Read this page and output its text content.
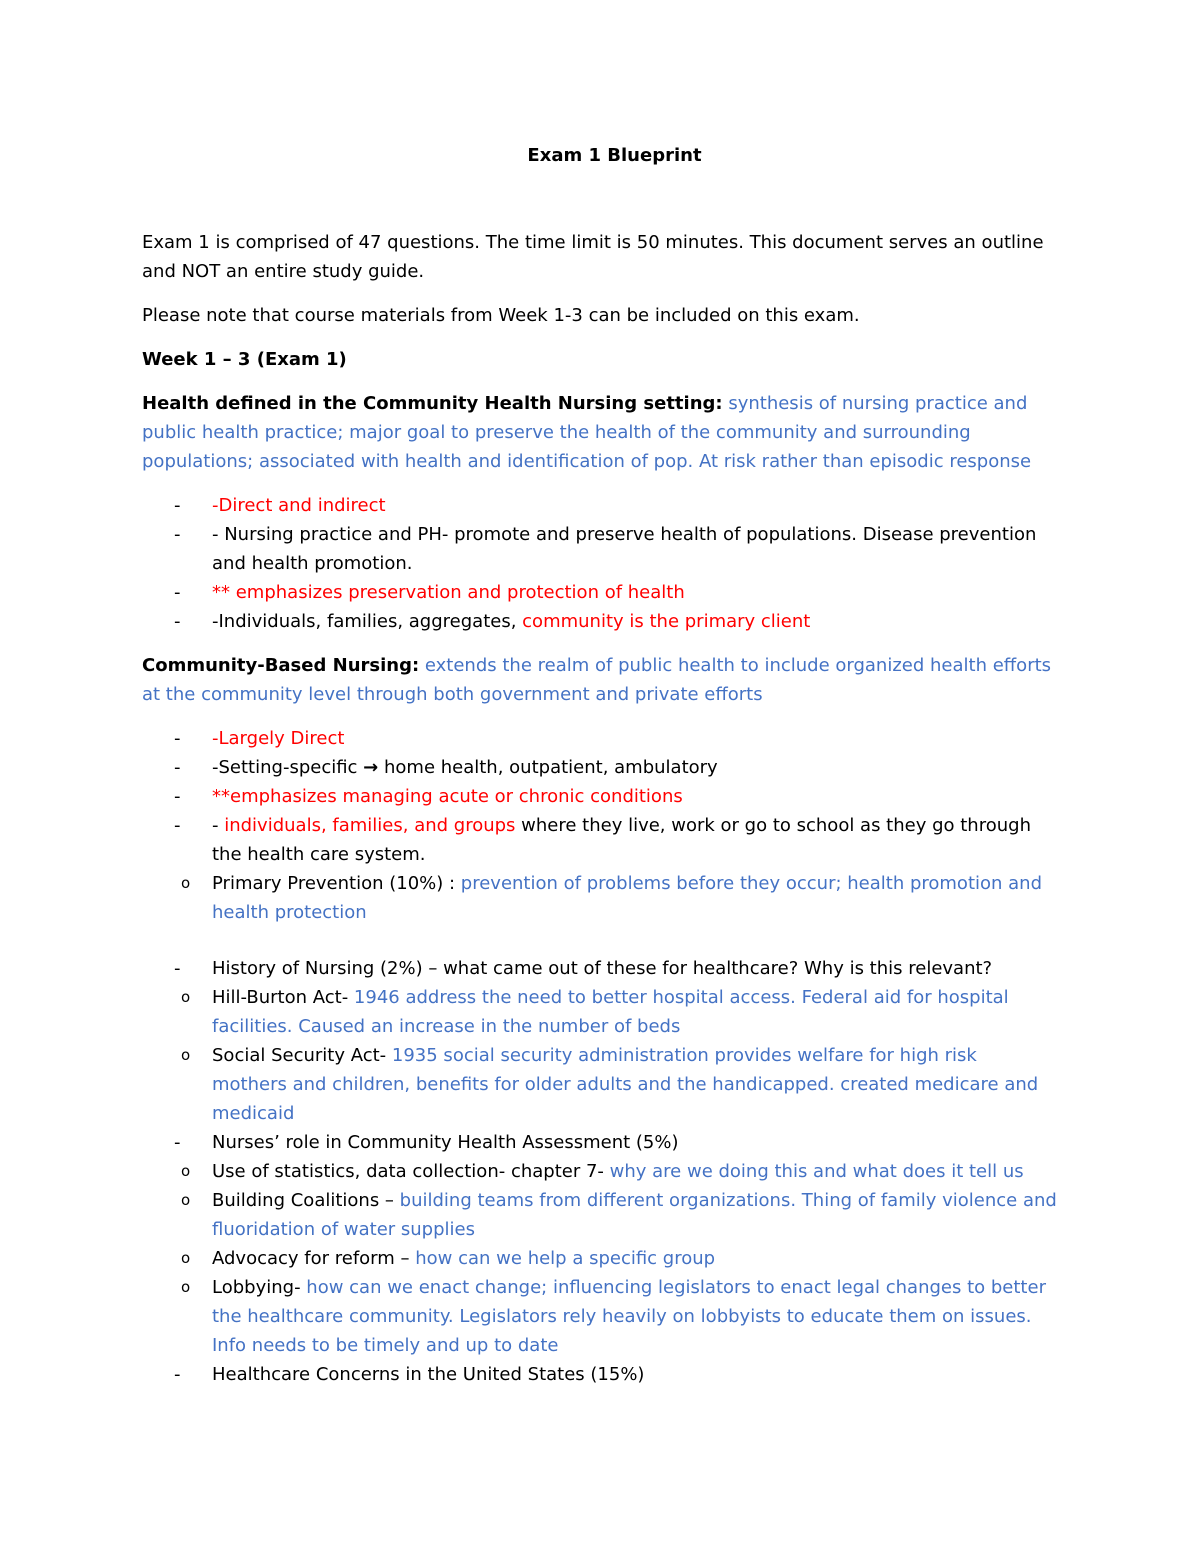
Exam 1 Blueprint

Exam 1 is comprised of 47 questions. The time limit is 50 minutes. This document serves an outline and NOT an entire study guide.

Please note that course materials from Week 1-3 can be included on this exam.

Week 1 – 3 (Exam 1)

Health defined in the Community Health Nursing setting: synthesis of nursing practice and public health practice; major goal to preserve the health of the community and surrounding populations; associated with health and identification of pop. At risk rather than episodic response

- -Direct and indirect
- - Nursing practice and PH- promote and preserve health of populations. Disease prevention and health promotion.
- ** emphasizes preservation and protection of health
- -Individuals, families, aggregates, community is the primary client

Community-Based Nursing: extends the realm of public health to include organized health efforts at the community level through both government and private efforts

- -Largely Direct
- -Setting-specific → home health, outpatient, ambulatory
- **emphasizes managing acute or chronic conditions
- - individuals, families, and groups where they live, work or go to school as they go through the health care system.
o Primary Prevention (10%) : prevention of problems before they occur; health promotion and health protection
- History of Nursing (2%) – what came out of these for healthcare? Why is this relevant?
o Hill-Burton Act- 1946 address the need to better hospital access. Federal aid for hospital facilities. Caused an increase in the number of beds
o Social Security Act- 1935 social security administration provides welfare for high risk mothers and children, benefits for older adults and the handicapped. created medicare and medicaid
- Nurses’ role in Community Health Assessment (5%)
o Use of statistics, data collection- chapter 7- why are we doing this and what does it tell us
o Building Coalitions – building teams from different organizations. Thing of family violence and fluoridation of water supplies
o Advocacy for reform – how can we help a specific group
o Lobbying- how can we enact change; influencing legislators to enact legal changes to better the healthcare community. Legislators rely heavily on lobbyists to educate them on issues. Info needs to be timely and up to date
- Healthcare Concerns in the United States (15%)
